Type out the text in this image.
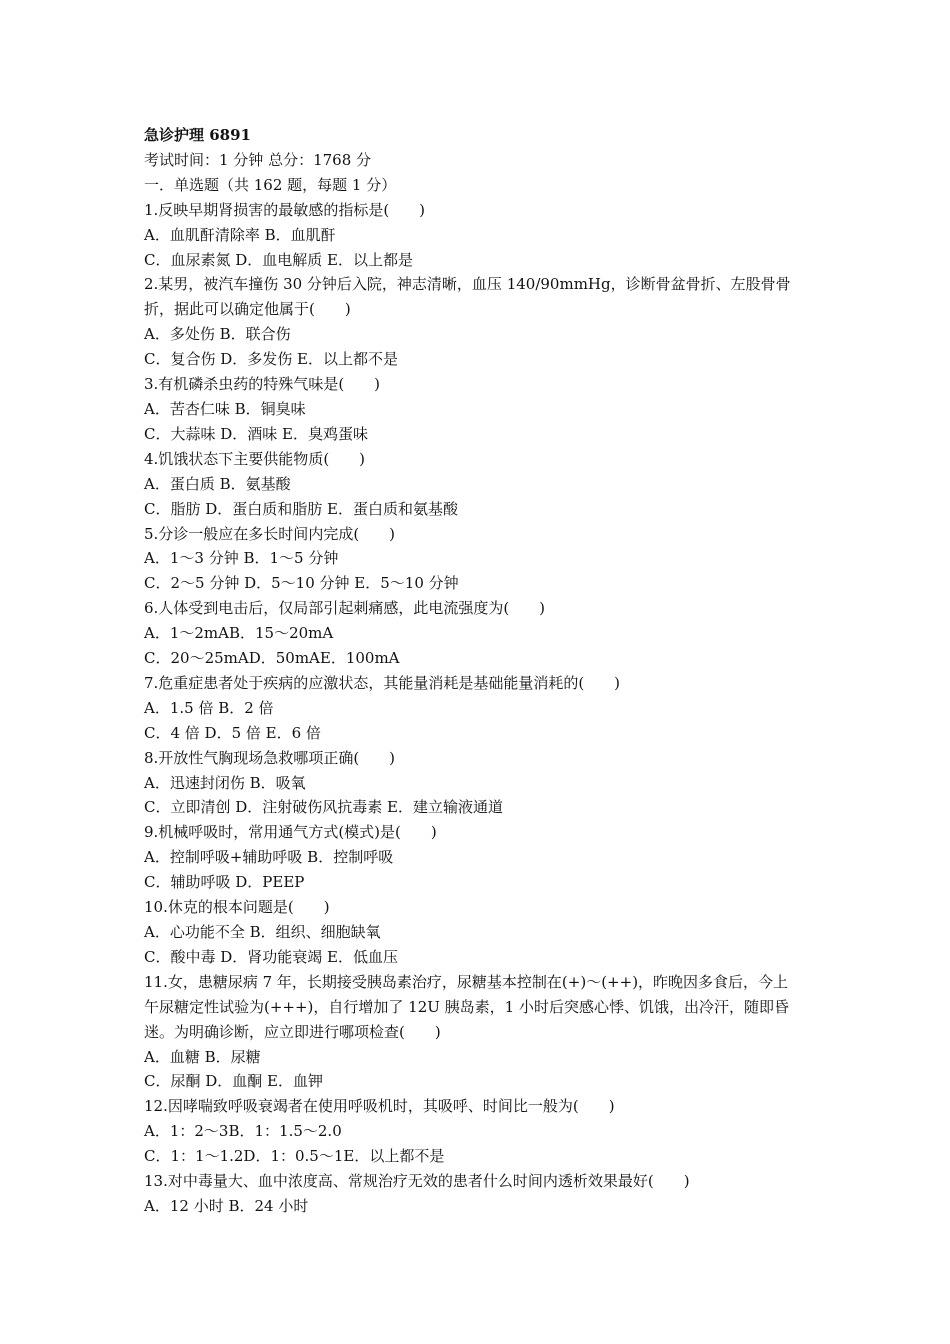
急诊护理 6891

考试时间：1 分钟 总分：1768 分

一．单选题（共 162 题，每题 1 分）

1.反映早期肾损害的最敏感的指标是(　　)

A．血肌酐清除率 B．血肌酐

C．血尿素氮 D．血电解质 E．以上都是

2.某男，被汽车撞伤 30 分钟后入院，神志清晰，血压 140/90mmHg，诊断骨盆骨折、左股骨骨

折，据此可以确定他属于(　　)

A．多处伤 B．联合伤

C．复合伤 D．多发伤 E．以上都不是

3.有机磷杀虫药的特殊气味是(　　)

A．苦杏仁味 B．铜臭味

C．大蒜味 D．酒味 E．臭鸡蛋味

4.饥饿状态下主要供能物质(　　)

A．蛋白质 B．氨基酸

C．脂肪 D．蛋白质和脂肪 E．蛋白质和氨基酸

5.分诊一般应在多长时间内完成(　　)

A．1～3 分钟 B．1～5 分钟

C．2～5 分钟 D．5～10 分钟 E．5～10 分钟

6.人体受到电击后，仅局部引起刺痛感，此电流强度为(　　)

A．1～2mAB．15～20mA

C．20～25mAD．50mAE．100mA

7.危重症患者处于疾病的应激状态，其能量消耗是基础能量消耗的(　　)

A．1.5 倍 B．2 倍

C．4 倍 D．5 倍 E．6 倍

8.开放性气胸现场急救哪项正确(　　)

A．迅速封闭伤 B．吸氧

C．立即清创 D．注射破伤风抗毒素 E．建立输液通道

9.机械呼吸时，常用通气方式(模式)是(　　)

A．控制呼吸+辅助呼吸 B．控制呼吸

C．辅助呼吸 D．PEEP

10.休克的根本问题是(　　)

A．心功能不全 B．组织、细胞缺氧

C．酸中毒 D．肾功能衰竭 E．低血压

11.女，患糖尿病 7 年，长期接受胰岛素治疗，尿糖基本控制在(+)～(++)，昨晚因多食后，今上

午尿糖定性试验为(+++)，自行增加了 12U 胰岛素，1 小时后突感心悸、饥饿，出冷汗，随即昏

迷。为明确诊断，应立即进行哪项检查(　　)

A．血糖 B．尿糖

C．尿酮 D．血酮 E．血钾

12.因哮喘致呼吸衰竭者在使用呼吸机时，其吸呼、时间比一般为(　　)

A．1：2～3B．1：1.5～2.0

C．1：1～1.2D．1：0.5～1E．以上都不是

13.对中毒量大、血中浓度高、常规治疗无效的患者什么时间内透析效果最好(　　)

A．12 小时 B．24 小时
